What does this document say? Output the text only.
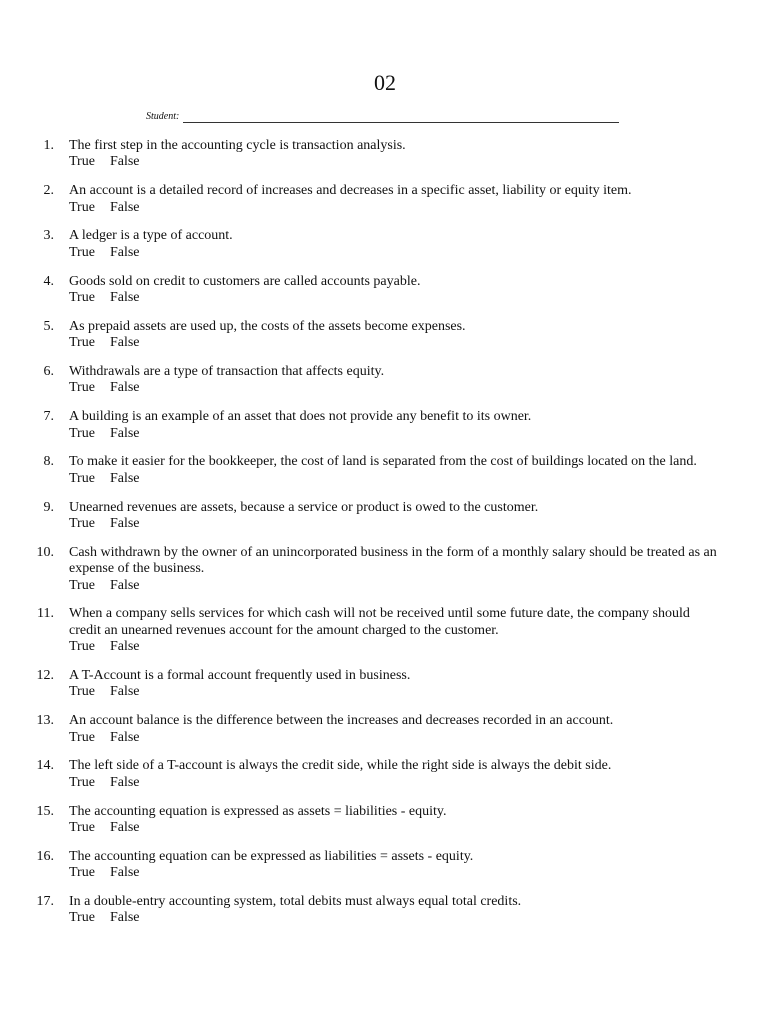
02
Student:
1. The first step in the accounting cycle is transaction analysis.
True False
2. An account is a detailed record of increases and decreases in a specific asset, liability or equity item.
True False
3. A ledger is a type of account.
True False
4. Goods sold on credit to customers are called accounts payable.
True False
5. As prepaid assets are used up, the costs of the assets become expenses.
True False
6. Withdrawals are a type of transaction that affects equity.
True False
7. A building is an example of an asset that does not provide any benefit to its owner.
True False
8. To make it easier for the bookkeeper, the cost of land is separated from the cost of buildings located on the land.
True False
9. Unearned revenues are assets, because a service or product is owed to the customer.
True False
10. Cash withdrawn by the owner of an unincorporated business in the form of a monthly salary should be treated as an expense of the business.
True False
11. When a company sells services for which cash will not be received until some future date, the company should credit an unearned revenues account for the amount charged to the customer.
True False
12. A T-Account is a formal account frequently used in business.
True False
13. An account balance is the difference between the increases and decreases recorded in an account.
True False
14. The left side of a T-account is always the credit side, while the right side is always the debit side.
True False
15. The accounting equation is expressed as assets = liabilities - equity.
True False
16. The accounting equation can be expressed as liabilities = assets - equity.
True False
17. In a double-entry accounting system, total debits must always equal total credits.
True False
